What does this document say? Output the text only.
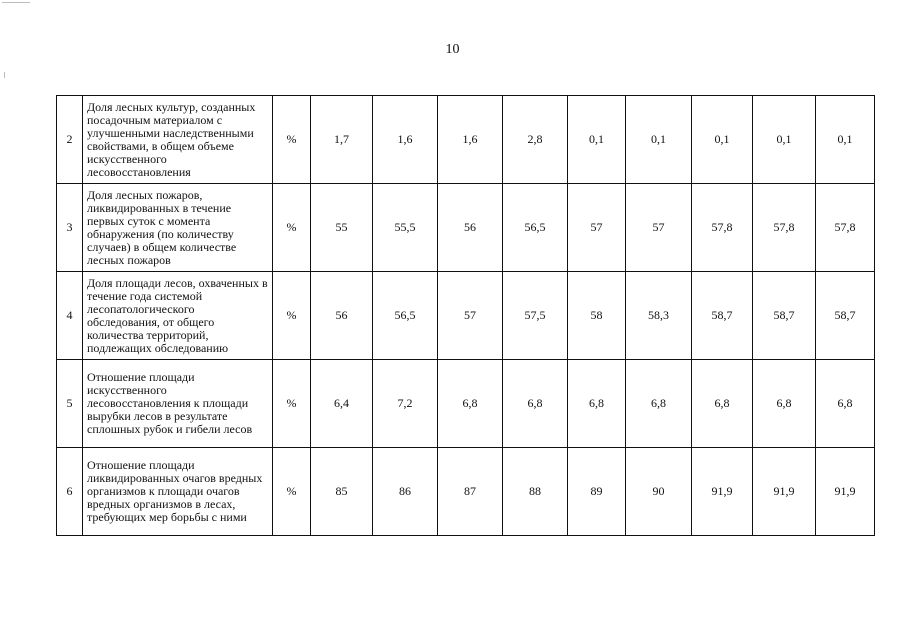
10
2	Доля лесных культур, созданных посадочным материалом с улучшенными наследственными свойствами, в общем объеме искусственного лесовосстановления	%	1,7	1,6	1,6	2,8	0,1	0,1	0,1	0,1	0,1
3	Доля лесных пожаров, ликвидированных в течение первых суток с момента обнаружения (по количеству случаев) в общем количестве лесных пожаров	%	55	55,5	56	56,5	57	57	57,8	57,8	57,8
4	Доля площади лесов, охваченных в течение года системой лесопатологического обследования, от общего количества территорий, подлежащих обследованию	%	56	56,5	57	57,5	58	58,3	58,7	58,7	58,7
5	Отношение площади искусственного лесовосстановления к площади вырубки лесов в результате сплошных рубок и гибели лесов	%	6,4	7,2	6,8	6,8	6,8	6,8	6,8	6,8	6,8
6	Отношение площади ликвидированных очагов вредных организмов к площади очагов вредных организмов в лесах, требующих мер борьбы с ними	%	85	86	87	88	89	90	91,9	91,9	91,9
